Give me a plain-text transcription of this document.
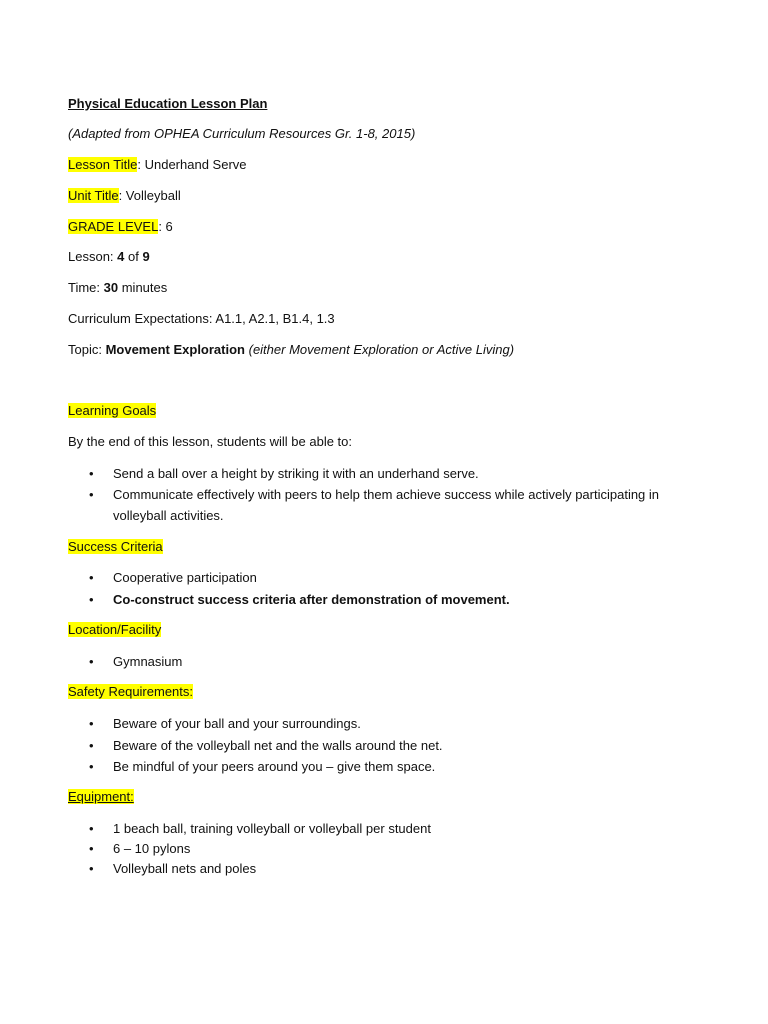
Physical Education Lesson Plan
(Adapted from OPHEA Curriculum Resources Gr. 1-8, 2015)
Lesson Title: Underhand Serve
Unit Title: Volleyball
GRADE LEVEL: 6
Lesson: 4 of 9
Time: 30 minutes
Curriculum Expectations: A1.1, A2.1, B1.4, 1.3
Topic: Movement Exploration (either Movement Exploration or Active Living)
Learning Goals
By the end of this lesson, students will be able to:
• Send a ball over a height by striking it with an underhand serve.
• Communicate effectively with peers to help them achieve success while actively participating in volleyball activities.
Success Criteria
• Cooperative participation
• Co-construct success criteria after demonstration of movement.
Location/Facility
• Gymnasium
Safety Requirements:
• Beware of your ball and your surroundings.
• Beware of the volleyball net and the walls around the net.
• Be mindful of your peers around you – give them space.
Equipment:
• 1 beach ball, training volleyball or volleyball per student
• 6 – 10 pylons
• Volleyball nets and poles
